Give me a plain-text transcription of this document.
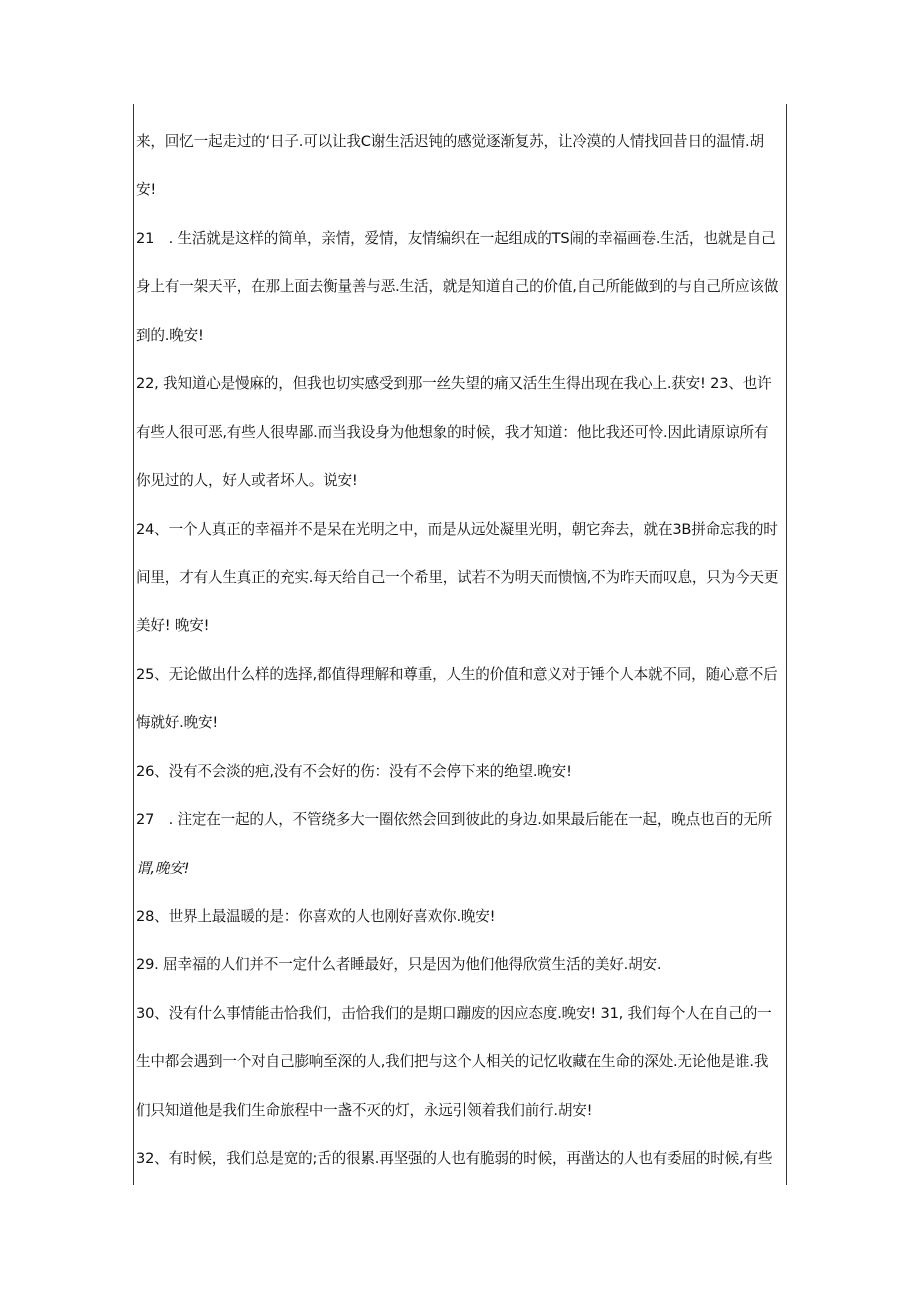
来，回忆一起走过的‘日子.可以让我C谢生活迟钝的感觉逐渐复苏，让冷漠的人情找回昔日的温情.胡
安!
21　. 生活就是这样的简单，亲情，爱情，友情编织在一起组成的TS闹的幸福画卷.生活，也就是自己
身上有一架天平，在那上面去衡量善与恶.生活，就是知道自己的价值,自己所能做到的与自己所应该做
到的.晚安!
22, 我知道心是慢麻的，但我也切实感受到那一丝失望的痛又活生生得出现在我心上.获安! 23、也许
有些人很可恶,有些人很卑鄙.而当我设身为他想象的时候，我才知道：他比我还可怜.因此请原谅所有
你见过的人，好人或者坏人。说安!
24、一个人真正的幸福并不是呆在光明之中，而是从远处凝里光明，朝它奔去，就在3B拼命忘我的时
间里，才有人生真正的充实.每天给自己一个希里，试若不为明天而愦恼,不为昨天而叹息，只为今天更
美好! 晚安!
25、无论做出什么样的选择,都值得理解和尊重，人生的价值和意义对于锤个人本就不同，随心意不后
悔就好.晚安!
26、没有不会淡的疤,没有不会好的伤：没有不会停下来的绝望.晚安!
27　. 注定在一起的人，不管绕多大一圈依然会回到彼此的身边.如果最后能在一起，晚点也百的无所
谓,晚安!
28、世界上最温暖的是：你喜欢的人也刚好喜欢你.晚安!
29. 屈幸福的人们并不一定什么者睡最好，只是因为他们他得欣赏生活的美好.胡安.
30、没有什么事情能击恰我们，击恰我们的是期口蹦废的因应态度.晚安! 31, 我们每个人在自己的一
生中都会遇到一个对自己膨响至深的人,我们把与这个人相关的记忆收藏在生命的深处.无论他是谁.我
们只知道他是我们生命旅程中一盏不灭的灯，永远引领着我们前行.胡安!
32、有时候，我们总是宽的;舌的很累.再坚强的人也有脆弱的时候，再凿达的人也有委屈的时候,有些
